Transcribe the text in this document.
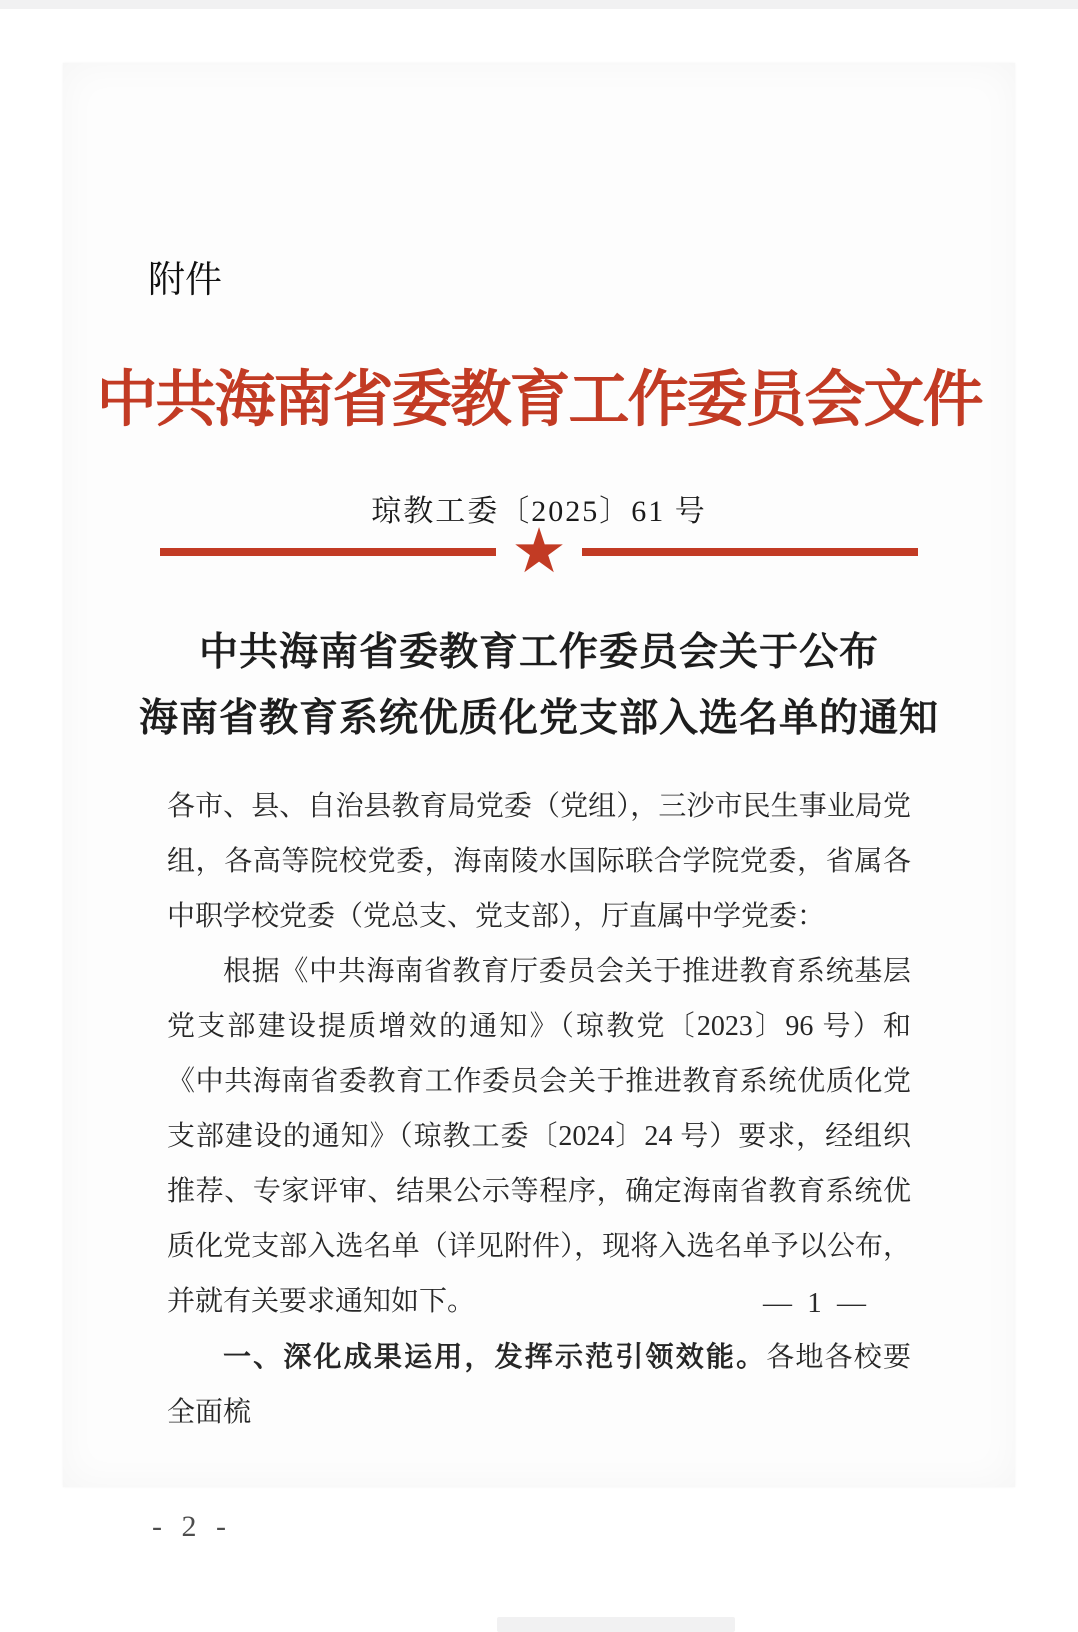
附件
中共海南省委教育工作委员会文件
琼教工委〔2025〕61 号
★
中共海南省委教育工作委员会关于公布
海南省教育系统优质化党支部入选名单的通知

各市、县、自治县教育局党委（党组），三沙市民生事业局党组，各高等院校党委，海南陵水国际联合学院党委，省属各中职学校党委（党总支、党支部），厅直属中学党委：

根据《中共海南省教育厅委员会关于推进教育系统基层党支部建设提质增效的通知》（琼教党〔2023〕96 号）和《中共海南省委教育工作委员会关于推进教育系统优质化党支部建设的通知》（琼教工委〔2024〕24 号）要求，经组织推荐、专家评审、结果公示等程序，确定海南省教育系统优质化党支部入选名单（详见附件），现将入选名单予以公布，并就有关要求通知如下。

一、深化成果运用，发挥示范引领效能。各地各校要全面梳

— 1 —
- 2 -
